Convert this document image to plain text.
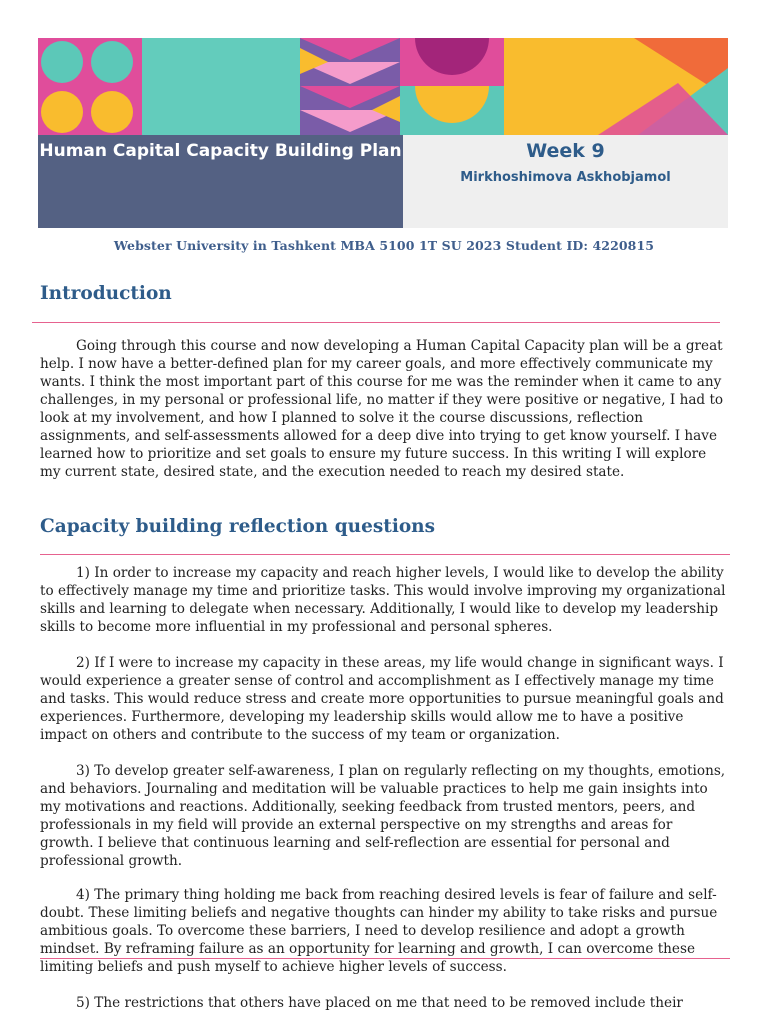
Human Capital Capacity Building Plan	Week 9
Mirkhoshimova Askhobjamol
Webster University in Tashkent MBA 5100 1T SU 2023 Student ID: 4220815
Introduction

Going through this course and now developing a Human Capital Capacity plan will be a great help. I now have a better-defined plan for my career goals, and more effectively communicate my wants. I think the most important part of this course for me was the reminder when it came to any challenges, in my personal or professional life, no matter if they were positive or negative, I had to look at my involvement, and how I planned to solve it the course discussions, reflection assignments, and self-assessments allowed for a deep dive into trying to get know yourself. I have learned how to prioritize and set goals to ensure my future success. In this writing I will explore my current state, desired state, and the execution needed to reach my desired state.

Capacity building reflection questions

1) In order to increase my capacity and reach higher levels, I would like to develop the ability to effectively manage my time and prioritize tasks. This would involve improving my organizational skills and learning to delegate when necessary. Additionally, I would like to develop my leadership skills to become more influential in my professional and personal spheres.

2) If I were to increase my capacity in these areas, my life would change in significant ways. I would experience a greater sense of control and accomplishment as I effectively manage my time and tasks. This would reduce stress and create more opportunities to pursue meaningful goals and experiences. Furthermore, developing my leadership skills would allow me to have a positive impact on others and contribute to the success of my team or organization.

3) To develop greater self-awareness, I plan on regularly reflecting on my thoughts, emotions, and behaviors. Journaling and meditation will be valuable practices to help me gain insights into my motivations and reactions. Additionally, seeking feedback from trusted mentors, peers, and professionals in my field will provide an external perspective on my strengths and areas for growth. I believe that continuous learning and self-reflection are essential for personal and professional growth.

4) The primary thing holding me back from reaching desired levels is fear of failure and self-doubt. These limiting beliefs and negative thoughts can hinder my ability to take risks and pursue ambitious goals. To overcome these barriers, I need to develop resilience and adopt a growth mindset. By reframing failure as an opportunity for learning and growth, I can overcome these limiting beliefs and push myself to achieve higher levels of success.

5) The restrictions that others have placed on me that need to be removed include their
